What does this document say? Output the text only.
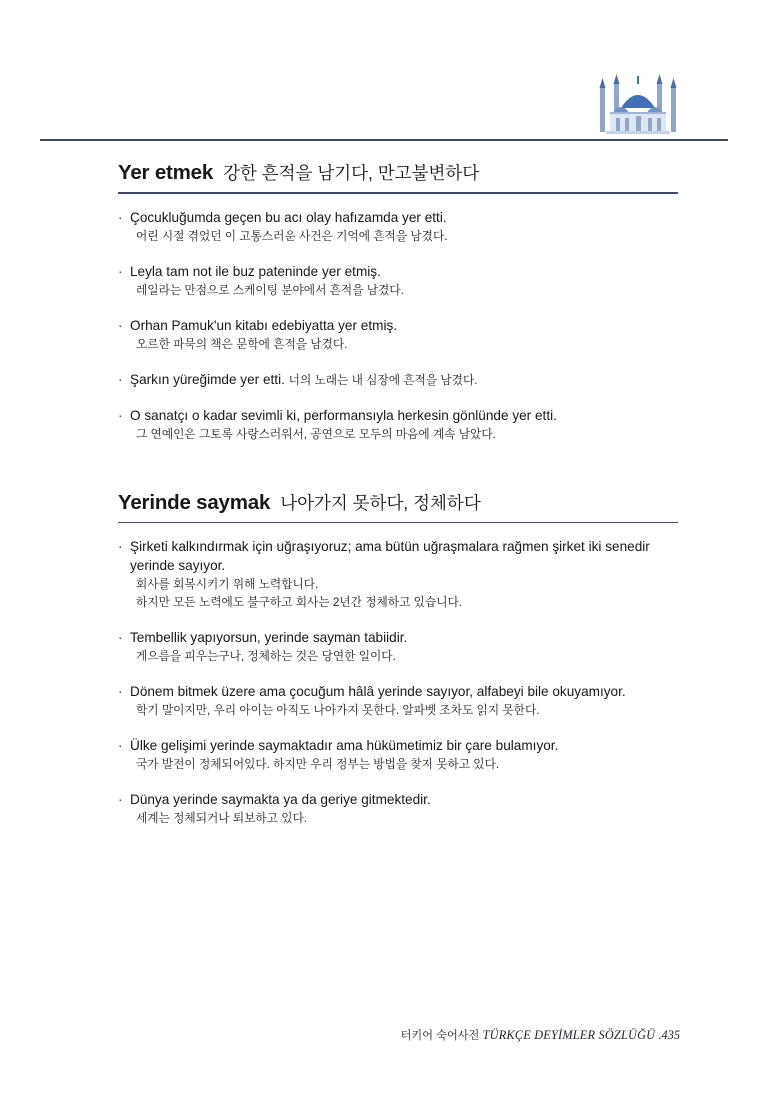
Yer etmek 강한 흔적을 남기다, 만고불변하다
· Çocukluğumda geçen bu acı olay hafızamda yer etti.
어린 시절 겪었던 이 고통스러운 사건은 기억에 흔적을 남겼다.
· Leyla tam not ile buz pateninde yer etmiş.
레일라는 만점으로 스케이팅 분야에서 흔적을 남겼다.
· Orhan Pamuk'un kitabı edebiyatta yer etmiş.
오르한 파묵의 책은 문학에 흔적을 남겼다.
· Şarkın yüreğimde yer etti. 너의 노래는 내 심장에 흔적을 남겼다.
· O sanatçı o kadar sevimli ki, performansıyla herkesin gönlünde yer etti.
그 연예인은 그토록 사랑스러워서, 공연으로 모두의 마음에 계속 남았다.
Yerinde saymak 나아가지 못하다, 정체하다
· Şirketi kalkındırmak için uğraşıyoruz; ama bütün uğraşmalara rağmen şirket iki senedir yerinde sayıyor.
회사를 회복시키기 위해 노력합니다.
하지만 모든 노력에도 불구하고 회사는 2년간 정체하고 있습니다.
· Tembellik yapıyorsun, yerinde sayman tabiidir.
게으름을 피우는구나, 정체하는 것은 당연한 일이다.
· Dönem bitmek üzere ama çocuğum hâlâ yerinde sayıyor, alfabeyi bile okuyamıyor.
학기 말이지만, 우리 아이는 아직도 나아가지 못한다. 알파벳 조차도 읽지 못한다.
· Ülke gelişimi yerinde saymaktadır ama hükümetimiz bir çare bulamıyor.
국가 발전이 정체되어있다. 하지만 우리 정부는 방법을 찾지 못하고 있다.
· Dünya yerinde saymakta ya da geriye gitmektedir.
세계는 정체되거나 퇴보하고 있다.
터키어 숙어사전 TÜRKÇE DEYİMLER SÖZLÜĞÜ .435
